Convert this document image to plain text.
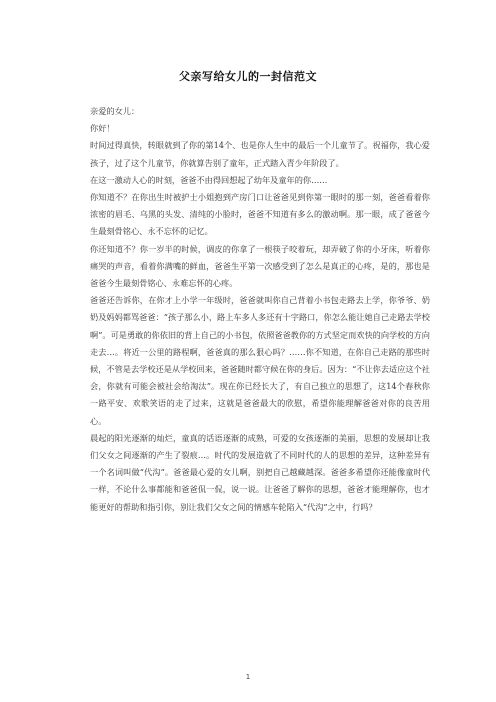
父亲写给女儿的一封信范文

亲爱的女儿：

你好！

时间过得真快，转眼就到了你的第14个、也是你人生中的最后一个儿童节了。祝福你，我心爱孩子，过了这个儿童节，你就算告别了童年，正式踏入青少年阶段了。

在这一激动人心的时刻，爸爸不由得回想起了幼年及童年的你……

你知道不？在你出生时被护士小姐抱到产房门口让爸爸见到你第一眼时的那一刻，爸爸看着你浓密的眉毛、乌黑的头发、清纯的小脸时，爸爸不知道有多么的激动啊。那一眼，成了爸爸今生最刻骨铭心、永不忘怀的记忆。

你还知道不？你一岁半的时候，调皮的你拿了一根筷子咬着玩，却弄破了你的小牙床，听着你痛哭的声音，看着你满嘴的鲜血，爸爸生平第一次感受到了怎么是真正的心疼，是的，那也是爸爸今生最刻骨铭心、永难忘怀的心疼。

爸爸还告诉你，在你才上小学一年级时，爸爸就叫你自己背着小书包走路去上学，你爷爷、奶奶及妈妈都骂爸爸：“孩子那么小，路上车多人多还有十字路口，你怎么能让她自己走路去学校啊”。可是勇敢的你依旧的背上自己的小书包，依照爸爸教你的方式坚定而欢快的向学校的方向走去…。将近一公里的路程啊，爸爸真的那么狠心吗？……你不知道，在你自己走路的那些时候，不管是去学校还是从学校回来，爸爸随时都守候在你的身后。因为：“不让你去适应这个社会，你就有可能会被社会给淘汰”。现在你已经长大了，有自己独立的思想了，这14个春秋你一路平安、欢歌笑语的走了过来，这就是爸爸最大的欣慰，希望你能理解爸爸对你的良苦用心。

晨起的阳光逐渐的灿烂，童真的话语逐渐的成熟，可爱的女孩逐渐的美丽，思想的发展却让我们父女之间逐渐的产生了裂痕…。时代的发展造就了不同时代的人的思想的差异，这种差异有一个名词叫做“代沟”。爸爸最心爱的女儿啊，别把自己越藏越深。爸爸多希望你还能像童时代一样，不论什么事都能和爸爸侃一侃，说一说。让爸爸了解你的思想，爸爸才能理解你，也才能更好的帮助和指引你，别让我们父女之间的情感车轮陷入“代沟”之中，行吗？

1
